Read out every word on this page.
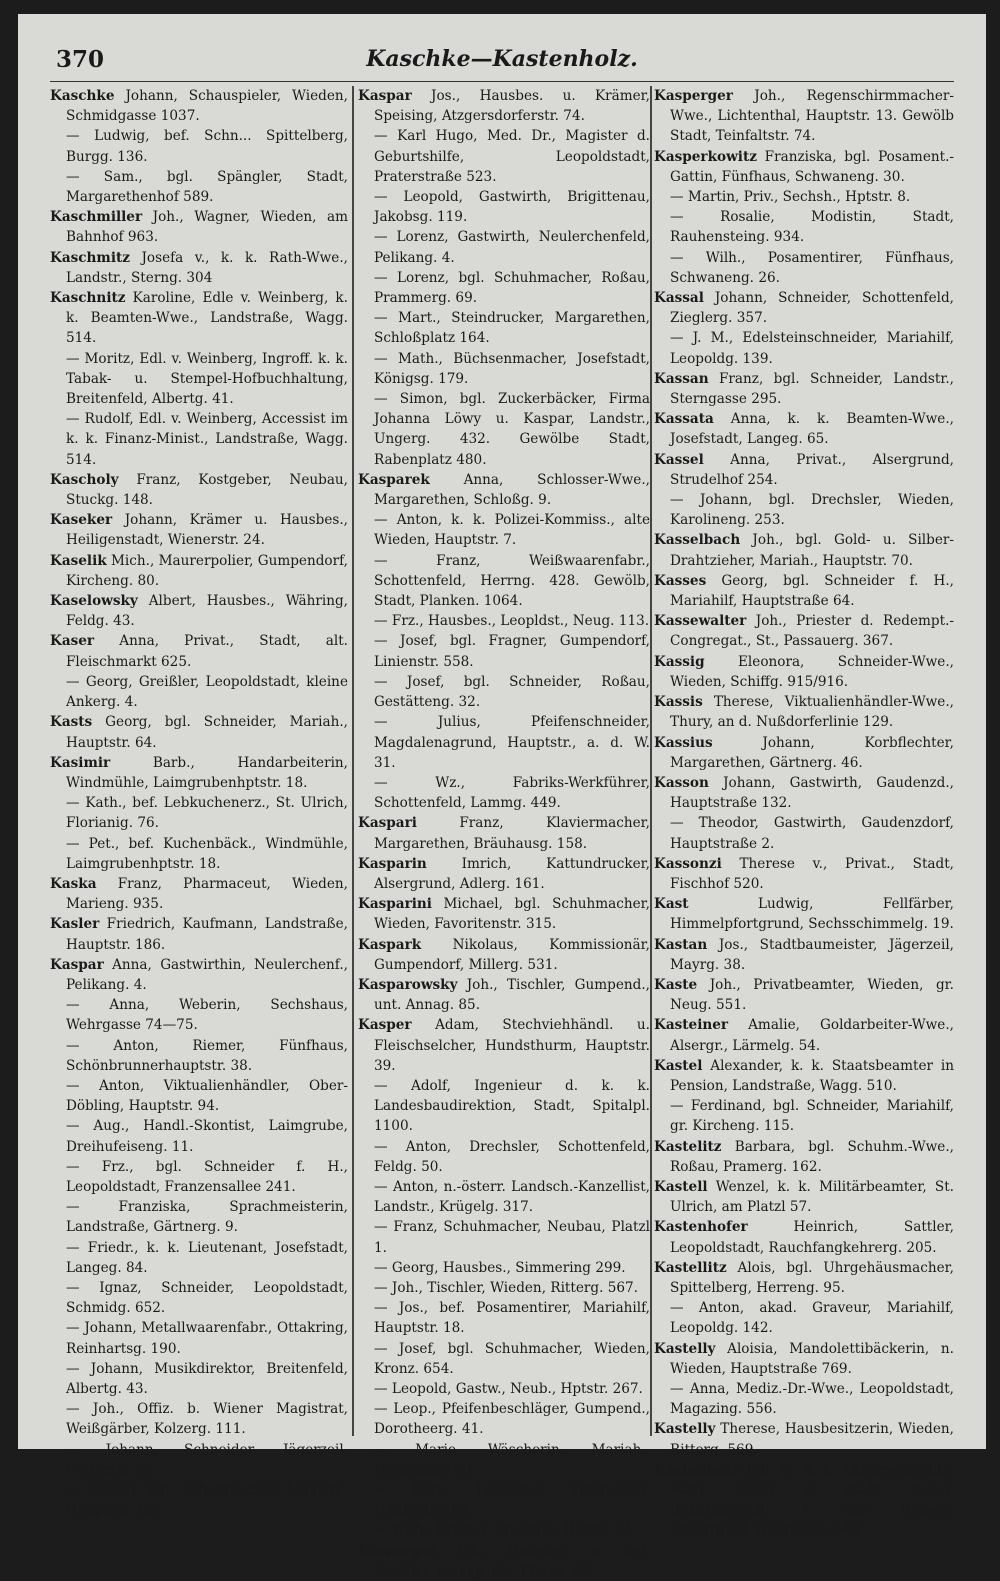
370	Kaschke—Kastenholz.
Kaschke Johann, Schauspieler, Wieden, Schmidgasse 1037.
— Ludwig, bef. Schn... Spittelberg, Burgg. 136.
— Sam., bgl. Spängler, Stadt, Margarethenhof 589.
Kaschmiller Joh., Wagner, Wieden, am Bahnhof 963.
Kaschmitz Josefa v., k. k. Rath-Wwe., Landstr., Sterng. 304
Kaschnitz Karoline, Edle v. Weinberg, k. k. Beamten-Wwe., Landstraße, Wagg. 514.
— Moritz, Edl. v. Weinberg, Ingroff. k. k. Tabak- u. Stempel-Hofbuchhaltung, Breitenfeld, Albertg. 41.
— Rudolf, Edl. v. Weinberg, Accessist im k. k. Finanz-Minist., Landstraße, Wagg. 514.
Kascholy Franz, Kostgeber, Neubau, Stuckg. 148.
Kaseker Johann, Krämer u. Hausbes., Heiligenstadt, Wienerstr. 24.
Kaselik Mich., Maurerpolier, Gumpendorf, Kircheng. 80.
Kaselowsky Albert, Hausbes., Währing, Feldg. 43.
Kaser Anna, Privat., Stadt, alt. Fleischmarkt 625.
— Georg, Greißler, Leopoldstadt, kleine Ankerg. 4.
Kasts Georg, bgl. Schneider, Mariah., Hauptstr. 64.
Kasimir Barb., Handarbeiterin, Windmühle, Laimgrubenhptstr. 18.
— Kath., bef. Lebkuchenerz., St. Ulrich, Florianig. 76.
— Pet., bef. Kuchenbäck., Windmühle, Laimgrubenhptstr. 18.
Kaska Franz, Pharmaceut, Wieden, Marieng. 935.
Kasler Friedrich, Kaufmann, Landstraße, Hauptstr. 186.
Kaspar Anna, Gastwirthin, Neulerchenf., Pelikang. 4.
— Anna, Weberin, Sechshaus, Wehrgasse 74—75.
— Anton, Riemer, Fünfhaus, Schönbrunnerhauptstr. 38.
— Anton, Viktualienhändler, Ober-Döbling, Hauptstr. 94.
— Aug., Handl.-Skontist, Laimgrube, Dreihufeiseng. 11.
— Frz., bgl. Schneider f. H., Leopoldstadt, Franzensallee 241.
— Franziska, Sprachmeisterin, Landstraße, Gärtnerg. 9.
— Friedr., k. k. Lieutenant, Josefstadt, Langeg. 84.
— Ignaz, Schneider, Leopoldstadt, Schmidg. 652.
— Johann, Metallwaarenfabr., Ottakring, Reinhartsg. 190.
— Johann, Musikdirektor, Breitenfeld, Albertg. 43.
— Joh., Offiz. b. Wiener Magistrat, Weißgärber, Kolzerg. 111.
— Johann, Schneider, Jägerzeil, Praterstr. 55.
— Johann, bgl. Schuhmacher, Landstr., Hauptstr. 189.
Kaspar Jos., Hausbes. u. Krämer, Speising, Atzgersdorferstr. 74.
— Karl Hugo, Med. Dr., Magister d. Geburtshilfe, Leopoldstadt, Praterstraße 523.
— Leopold, Gastwirth, Brigittenau, Jakobsg. 119.
— Lorenz, Gastwirth, Neulerchenfeld, Pelikang. 4.
— Lorenz, bgl. Schuhmacher, Roßau, Prammerg. 69.
— Mart., Steindrucker, Margarethen, Schloßplatz 164.
— Math., Büchsenmacher, Josefstadt, Königsg. 179.
— Simon, bgl. Zuckerbäcker, Firma Johanna Löwy u. Kaspar, Landstr., Ungerg. 432. Gewölbe Stadt, Rabenplatz 480.
Kasparek Anna, Schlosser-Wwe., Margarethen, Schloßg. 9.
— Anton, k. k. Polizei-Kommiss., alte Wieden, Hauptstr. 7.
— Franz, Weißwaarenfabr., Schottenfeld, Herrng. 428. Gewölb, Stadt, Planken. 1064.
— Frz., Hausbes., Leopldst., Neug. 113.
— Josef, bgl. Fragner, Gumpendorf, Linienstr. 558.
— Josef, bgl. Schneider, Roßau, Gestätteng. 32.
— Julius, Pfeifenschneider, Magdalenagrund, Hauptstr., a. d. W. 31.
— Wz., Fabriks-Werkführer, Schottenfeld, Lammg. 449.
Kaspari Franz, Klaviermacher, Margarethen, Bräuhausg. 158.
Kasparin Imrich, Kattundrucker, Alsergrund, Adlerg. 161.
Kasparini Michael, bgl. Schuhmacher, Wieden, Favoritenstr. 315.
Kaspark Nikolaus, Kommissionär, Gumpendorf, Millerg. 531.
Kasparowsky Joh., Tischler, Gumpend., unt. Annag. 85.
Kasper Adam, Stechviehhändl. u. Fleischselcher, Hundsthurm, Hauptstr. 39.
— Adolf, Ingenieur d. k. k. Landesbaudirektion, Stadt, Spitalpl. 1100.
— Anton, Drechsler, Schottenfeld, Feldg. 50.
— Anton, n.-österr. Landsch.-Kanzellist, Landstr., Krügelg. 317.
— Franz, Schuhmacher, Neubau, Platzl 1.
— Georg, Hausbes., Simmering 299.
— Joh., Tischler, Wieden, Ritterg. 567.
— Jos., bef. Posamentirer, Mariahilf, Hauptstr. 18.
— Josef, bgl. Schuhmacher, Wieden, Kronz. 654.
— Leopold, Gastw., Neub., Hptstr. 267.
— Leop., Pfeifenbeschläger, Gumpend., Dorotheerg. 41.
— Marie, Wäscherin, Mariah., Neuegasse 50.
— Bart., Lebzelter, Simmering, Hauptstr. 295.
— Wilh., Krämer, Speising, Hofstr. 74.
Kasperger Joh., Hausbes. u. bgl. Tischler, Laimgrube, Pfarrg. 50.
Kasperger Joh., Regenschirmmacher-Wwe., Lichtenthal, Hauptstr. 13. Gewölb Stadt, Teinfaltstr. 74.
Kasperkowitz Franziska, bgl. Posament.-Gattin, Fünfhaus, Schwaneng. 30.
— Martin, Priv., Sechsh., Hptstr. 8.
— Rosalie, Modistin, Stadt, Rauhensteing. 934.
— Wilh., Posamentirer, Fünfhaus, Schwaneng. 26.
Kassal Johann, Schneider, Schottenfeld, Zieglerg. 357.
— J. M., Edelsteinschneider, Mariahilf, Leopoldg. 139.
Kassan Franz, bgl. Schneider, Landstr., Sterngasse 295.
Kassata Anna, k. k. Beamten-Wwe., Josefstadt, Langeg. 65.
Kassel Anna, Privat., Alsergrund, Strudelhof 254.
— Johann, bgl. Drechsler, Wieden, Karolineng. 253.
Kasselbach Joh., bgl. Gold- u. Silber-Drahtzieher, Mariah., Hauptstr. 70.
Kasses Georg, bgl. Schneider f. H., Mariahilf, Hauptstraße 64.
Kassewalter Joh., Priester d. Redempt.-Congregat., St., Passauerg. 367.
Kassig Eleonora, Schneider-Wwe., Wieden, Schiffg. 915/916.
Kassis Therese, Viktualienhändler-Wwe., Thury, an d. Nußdorferlinie 129.
Kassius Johann, Korbflechter, Margarethen, Gärtnerg. 46.
Kasson Johann, Gastwirth, Gaudenzd., Hauptstraße 132.
— Theodor, Gastwirth, Gaudenzdorf, Hauptstraße 2.
Kassonzi Therese v., Privat., Stadt, Fischhof 520.
Kast Ludwig, Fellfärber, Himmelpfortgrund, Sechsschimmelg. 19.
Kastan Jos., Stadtbaumeister, Jägerzeil, Mayrg. 38.
Kaste Joh., Privatbeamter, Wieden, gr. Neug. 551.
Kasteiner Amalie, Goldarbeiter-Wwe., Alsergr., Lärmelg. 54.
Kastel Alexander, k. k. Staatsbeamter in Pension, Landstraße, Wagg. 510.
— Ferdinand, bgl. Schneider, Mariahilf, gr. Kircheng. 115.
Kastelitz Barbara, bgl. Schuhm.-Wwe., Roßau, Pramerg. 162.
Kastell Wenzel, k. k. Militärbeamter, St. Ulrich, am Platzl 57.
Kastenhofer Heinrich, Sattler, Leopoldstadt, Rauchfangkehrerg. 205.
Kastellitz Alois, bgl. Uhrgehäusmacher, Spittelberg, Herreng. 95.
— Anton, akad. Graveur, Mariahilf, Leopoldg. 142.
Kastelly Aloisia, Mandolettibäckerin, n. Wieden, Hauptstraße 769.
— Anna, Mediz.-Dr.-Wwe., Leopoldstadt, Magazing. 556.
Kastelly Therese, Hausbesitzerin, Wieden, Ritterg. 569.
Kastenholz Edl. v., k. k. Landesgerichts-Rath, Leiter d. städt. deleg. Bezirksgericht f. den Rossau, Alsergrund, Quergasse 349.
